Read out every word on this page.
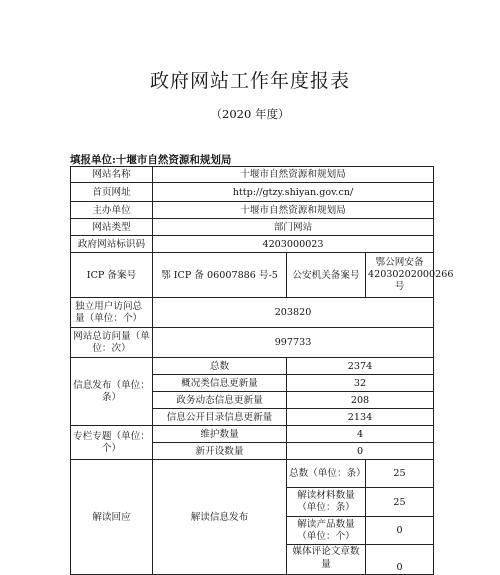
政府网站工作年度报表
（2020 年度）
填报单位:十堰市自然资源和规划局
网站名称	十堰市自然资源和规划局		
首页网址	http://gtzy.shiyan.gov.cn/		
主办单位	十堰市自然资源和规划局		
网站类型	部门网站		
政府网站标识码	4203000023		
ICP 备案号	鄂 ICP 备 06007886 号-5	公安机关备案号	鄂公网安备42030202000266 号
独立用户访问总量（单位：个）	203820		
网站总访问量（单位：次）	997733		
信息发布（单位：条）	总数	2374	
	概况类信息更新量	32	
	政务动态信息更新量	208	
	信息公开目录信息更新量	2134	
专栏专题（单位：个）	维护数量	4	
	新开设数量	0	
解读回应	解读信息发布	总数（单位：条）	25
		解读材料数量（单位：条）	25
		解读产品数量（单位：个）	0
		媒体评论文章数量	0
